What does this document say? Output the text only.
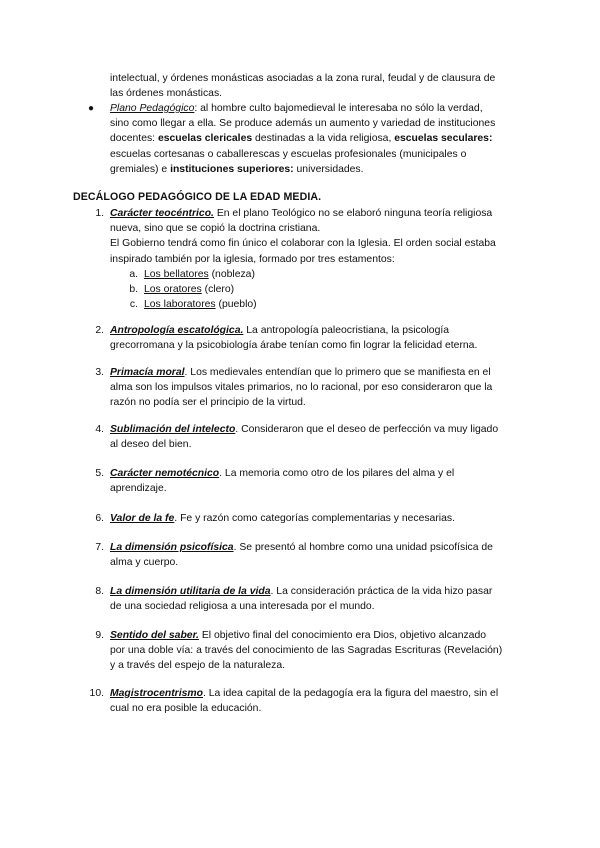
intelectual, y órdenes monásticas asociadas a la zona rural, feudal y de clausura de
las órdenes monásticas.
●	Plano Pedagógico: al hombre culto bajomedieval le interesaba no sólo la verdad,
sino como llegar a ella. Se produce además un aumento y variedad de instituciones
docentes: escuelas clericales destinadas a la vida religiosa, escuelas seculares:
escuelas cortesanas o caballerescas y escuelas profesionales (municipales o
gremiales) e instituciones superiores: universidades.
DECÁLOGO PEDAGÓGICO DE LA EDAD MEDIA.
1. Carácter teocéntrico. En el plano Teológico no se elaboró ninguna teoría religiosa
nueva, sino que se copió la doctrina cristiana.
El Gobierno tendrá como fin único el colaborar con la Iglesia. El orden social estaba
inspirado también por la iglesia, formado por tres estamentos:
a. Los bellatores (nobleza)
b. Los oratores (clero)
c. Los laboratores (pueblo)
2. Antropología escatológica. La antropología paleocristiana, la psicología
grecorromana y la psicobiología árabe tenían como fin lograr la felicidad eterna.
3. Primacía moral. Los medievales entendían que lo primero que se manifiesta en el
alma son los impulsos vitales primarios, no lo racional, por eso consideraron que la
razón no podía ser el principio de la virtud.
4. Sublimación del intelecto. Consideraron que el deseo de perfección va muy ligado
al deseo del bien.
5. Carácter nemotécnico. La memoria como otro de los pilares del alma y el
aprendizaje.
6. Valor de la fe. Fe y razón como categorías complementarias y necesarias.
7. La dimensión psicofísica. Se presentó al hombre como una unidad psicofísica de
alma y cuerpo.
8. La dimensión utilitaria de la vida. La consideración práctica de la vida hizo pasar
de una sociedad religiosa a una interesada por el mundo.
9. Sentido del saber. El objetivo final del conocimiento era Dios, objetivo alcanzado
por una doble vía: a través del conocimiento de las Sagradas Escrituras (Revelación)
y a través del espejo de la naturaleza.
10. Magistrocentrismo. La idea capital de la pedagogía era la figura del maestro, sin el
cual no era posible la educación.
